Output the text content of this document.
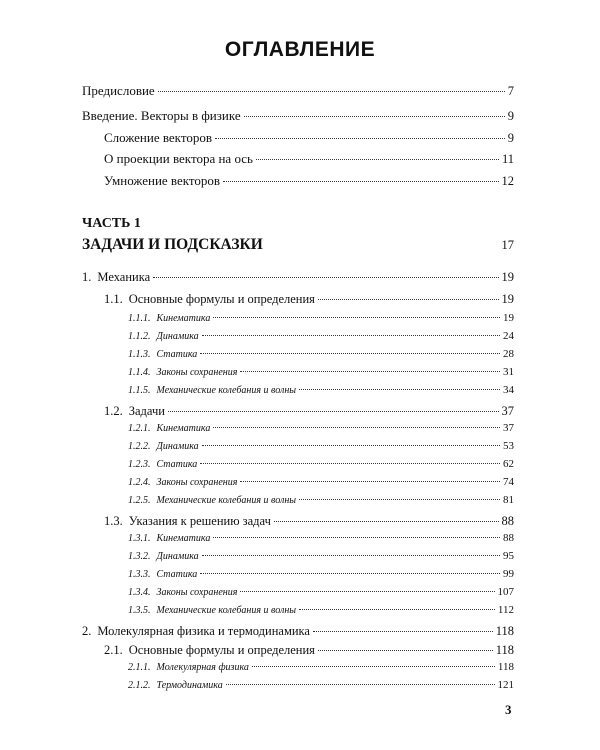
ОГЛАВЛЕНИЕ
Предисловие	7
Введение. Векторы в физике	9
Сложение векторов	9
О проекции вектора на ось	11
Умножение векторов	12
1. Механика	19
1.1. Основные формулы и определения	19
1.1.1. Кинематика	19
1.1.2. Динамика	24
1.1.3. Статика	28
1.1.4. Законы сохранения	31
1.1.5. Механические колебания и волны	34
1.2. Задачи	37
1.2.1. Кинематика	37
1.2.2. Динамика	53
1.2.3. Статика	62
1.2.4. Законы сохранения	74
1.2.5. Механические колебания и волны	81
1.3. Указания к решению задач	88
1.3.1. Кинематика	88
1.3.2. Динамика	95
1.3.3. Статика	99
1.3.4. Законы сохранения	107
1.3.5. Механические колебания и волны	112
2. Молекулярная физика и термодинамика	118
2.1. Основные формулы и определения	118
2.1.1. Молекулярная физика	118
2.1.2. Термодинамика	121
ЧАСТЬ 1
ЗАДАЧИ И ПОДСКАЗКИ	17
3
